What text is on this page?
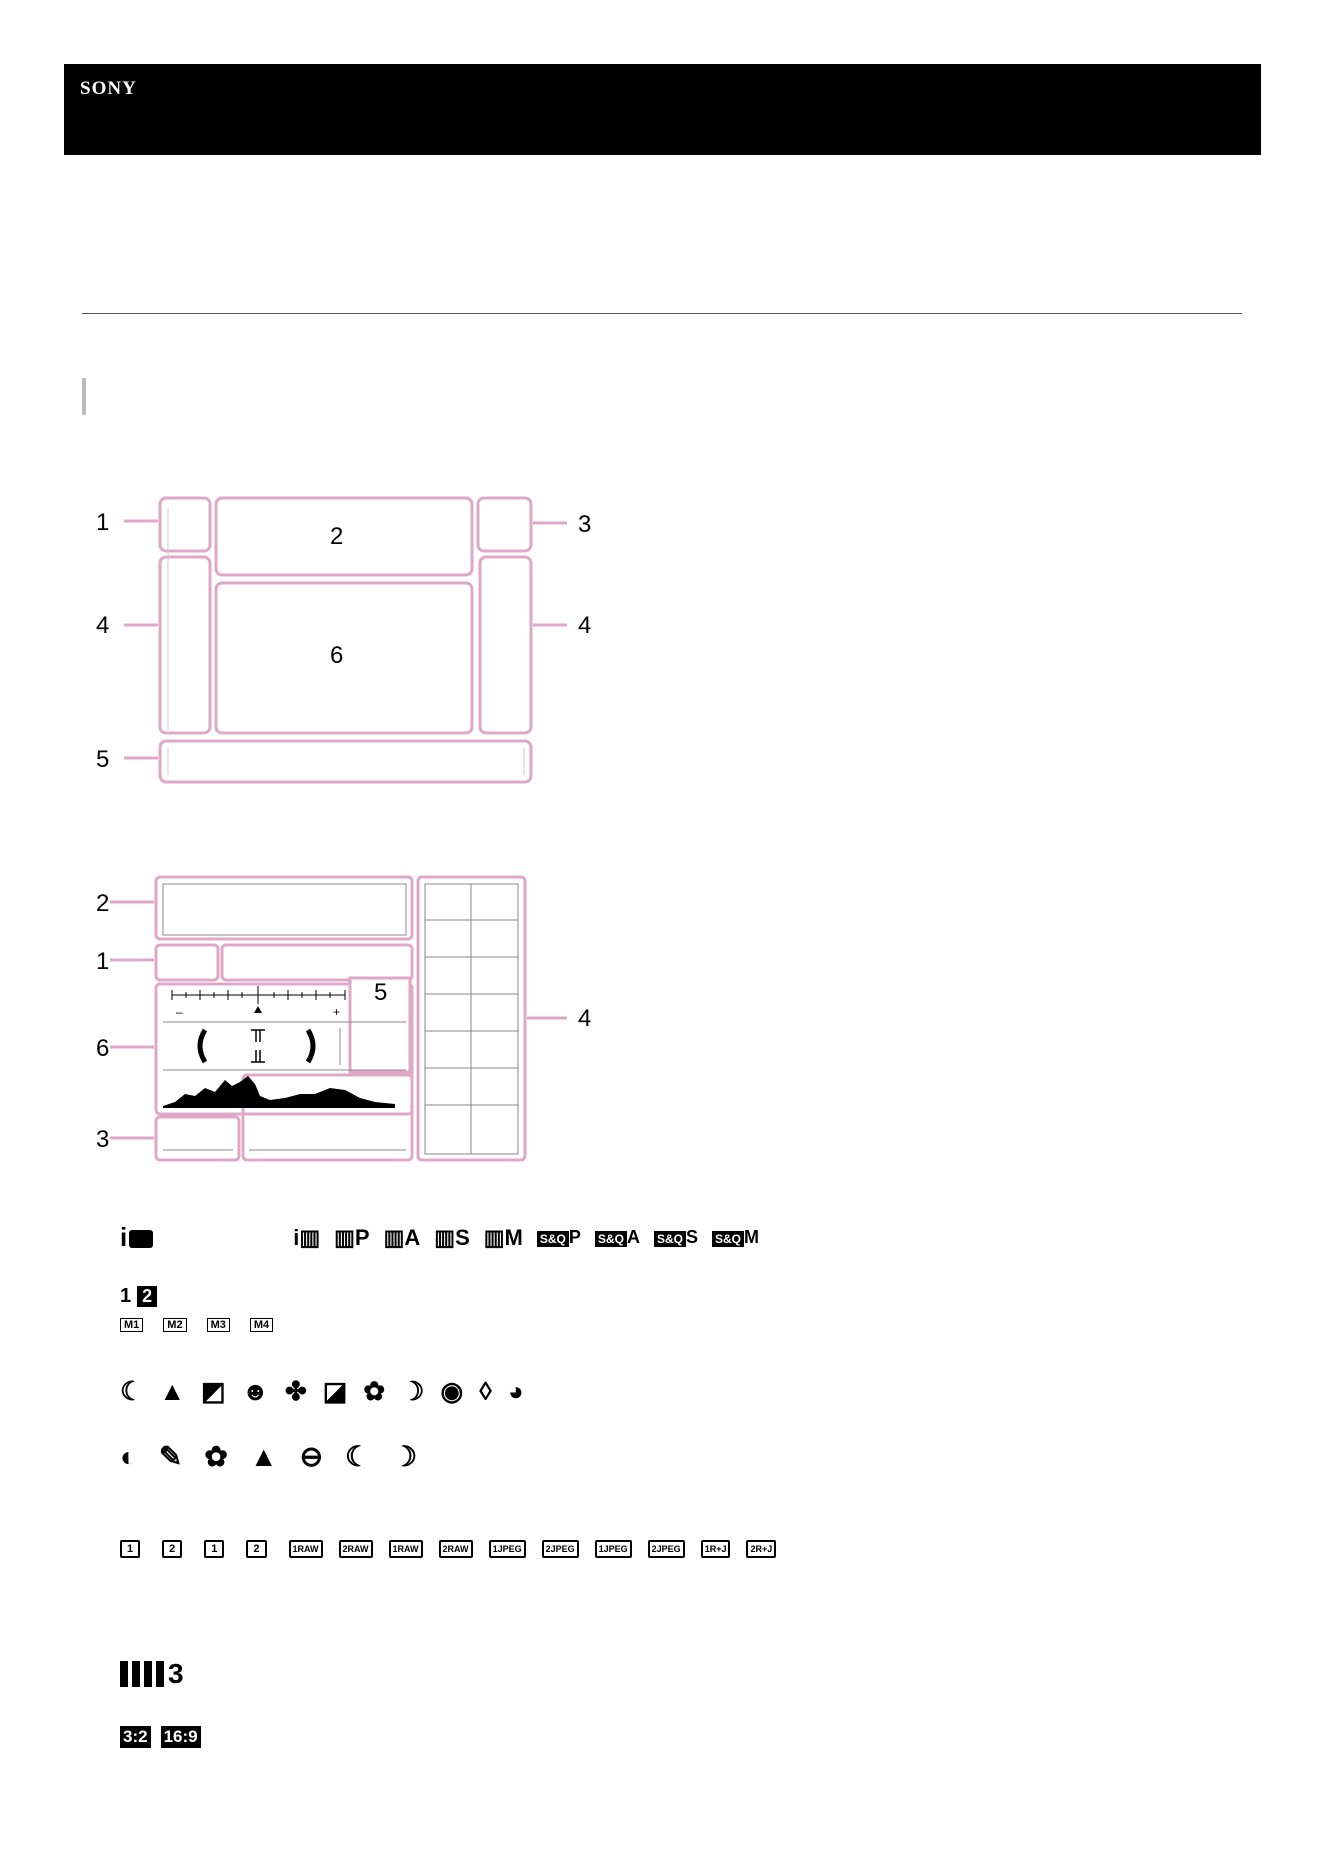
SONY
1
2	3
4
6
4
5
–	+
2
1
6
3
4
5
i	i▥ ▥P ▥A ▥S ▥M S&Q P S&Q A S&Q S S&Q M
1 2
M1	M2	M3	M4
☾ ▲ ◩ ☻ ✤ ◪ ✿ ☽ ◉ ◊ ◕
◐ ✎ ✿ ▲ ⊖ ☾ ☽
1	2	1	2	1RAW	2RAW	1RAW	2RAW	1JPEG	2JPEG	1JPEG	2JPEG	1R+J	2R+J
3
3:2 16:9
